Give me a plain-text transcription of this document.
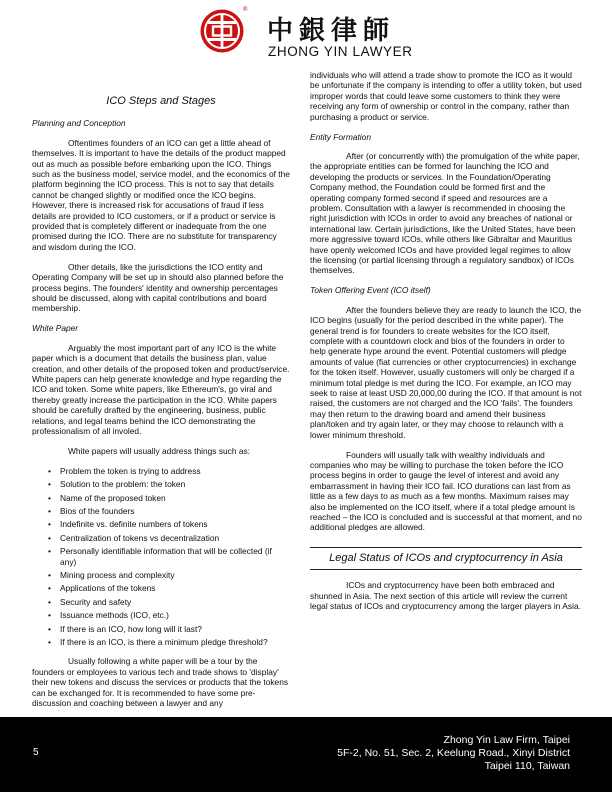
®
中銀律師
ZHONG YIN LAWYER
ICO Steps and Stages
Planning and Conception

Oftentimes founders of an ICO can get a little ahead of themselves. It is important to have the details of the product mapped out as much as possible before embarking upon the ICO. Things such as the business model, service model, and the economics of the platform beginning the ICO process. This is not to say that details cannot be changed slightly or modified once the ICO begins. However, there is increased risk for accusations of fraud if less details are provided to ICO customers, or if a product or service is provided that is completely different or inadequate from the one promised during the ICO. There are no substitute for transparency and wisdom during the ICO.

Other details, like the jurisdictions the ICO entity and Operating Company will be set up in should also planned before the process begins. The founders' identity and ownership percentages should be discussed, along with capital contributions and board membership.

White Paper

Arguably the most important part of any ICO is the white paper which is a document that details the business plan, value creation, and other details of the proposed token and product/service. White papers can help generate knowledge and hype regarding the ICO and token. Some white papers, like Ethereum's, go viral and thereby greatly increase the participation in the ICO. White papers should be carefully drafted by the engineering, business, public relations, and legal teams behind the ICO demonstrating the professionalism of all involed.

White papers will usually address things such as:

• Problem the token is trying to address
• Solution to the problem: the token
• Name of the proposed token
• Bios of the founders
• Indefinite vs. definite numbers of tokens
• Centralization of tokens vs decentralization
• Personally identifiable information that will be collected (if any)
• Mining process and complexity
• Applications of the tokens
• Security and safety
• Issuance methods (ICO, etc.)
• If there is an ICO, how long will it last?
• If there is an ICO, is there a minimum pledge threshold?

Usually following a white paper will be a tour by the founders or employees to various tech and trade shows to 'display' their new tokens and discuss the services or products that the tokens can be exchanged for. It is recommended to have some pre-discussion and coaching between a lawyer and any

individuals who will attend a trade show to promote the ICO as it would be unfortunate if the company is intending to offer a utility token, but used improper words that could leave some customers to think they were receiving any form of ownership or control in the company, rather than purchasing a product or service.

Entity Formation

After (or concurrently with) the promulgation of the white paper, the appropriate entities can be formed for launching the ICO and developing the products or services. In the Foundation/Operating Company method, the Foundation could be formed first and the operating company formed second if speed and resources are a problem. Consultation with a lawyer is recommended in choosing the right jurisdiction with ICOs in order to avoid any breaches of national or international law. Certain jurisdictions, like the United States, have been more aggressive toward ICOs, while others like Gibraltar and Mauritius have openly welcomed ICOs and have provided legal regimes to allow the licensing (or partial licensing through a regulatory sandbox) of ICOs themselves.

Token Offering Event (ICO itself)

After the founders believe they are ready to launch the ICO, the ICO begins (usually for the period described in the white paper). The general trend is for founders to create websites for the ICO itself, complete with a countdown clock and bios of the founders in order to help generate hype around the event. Potential customers will pledge amounts of value (fiat currencies or other cryptocurrencies) in exchange for the token itself. However, usually customers will only be charged if a minimum total pledge is met during the ICO. For example, an ICO may seek to raise at least USD 20,000,00 during the ICO. If that amount is not raised, the customers are not charged and the ICO 'fails'. The founders may then return to the drawing board and amend their business plan/token and try again later, or they may choose to relaunch with a lower minimum threshold.

Founders will usually talk with wealthy individuals and companies who may be willing to purchase the token before the ICO process begins in order to gauge the level of interest and avoid any embarrassment in having their ICO fail. ICO durations can last from as little as a few days to as much as a few months. Maximum raises may also be implemented on the ICO itself, where if a total pledge amount is reached – the ICO is concluded and is successful at that moment, and no additional pledges are allowed.

Legal Status of ICOs and cryptocurrency in Asia

ICOs and cryptocurrency have been both embraced and shunned in Asia. The next section of this article will review the current legal status of ICOs and cryptocurrency among the larger players in Asia.

5
Zhong Yin Law Firm, Taipei
5F-2, No. 51, Sec. 2, Keelung Road., Xinyi District
Taipei 110, Taiwan
